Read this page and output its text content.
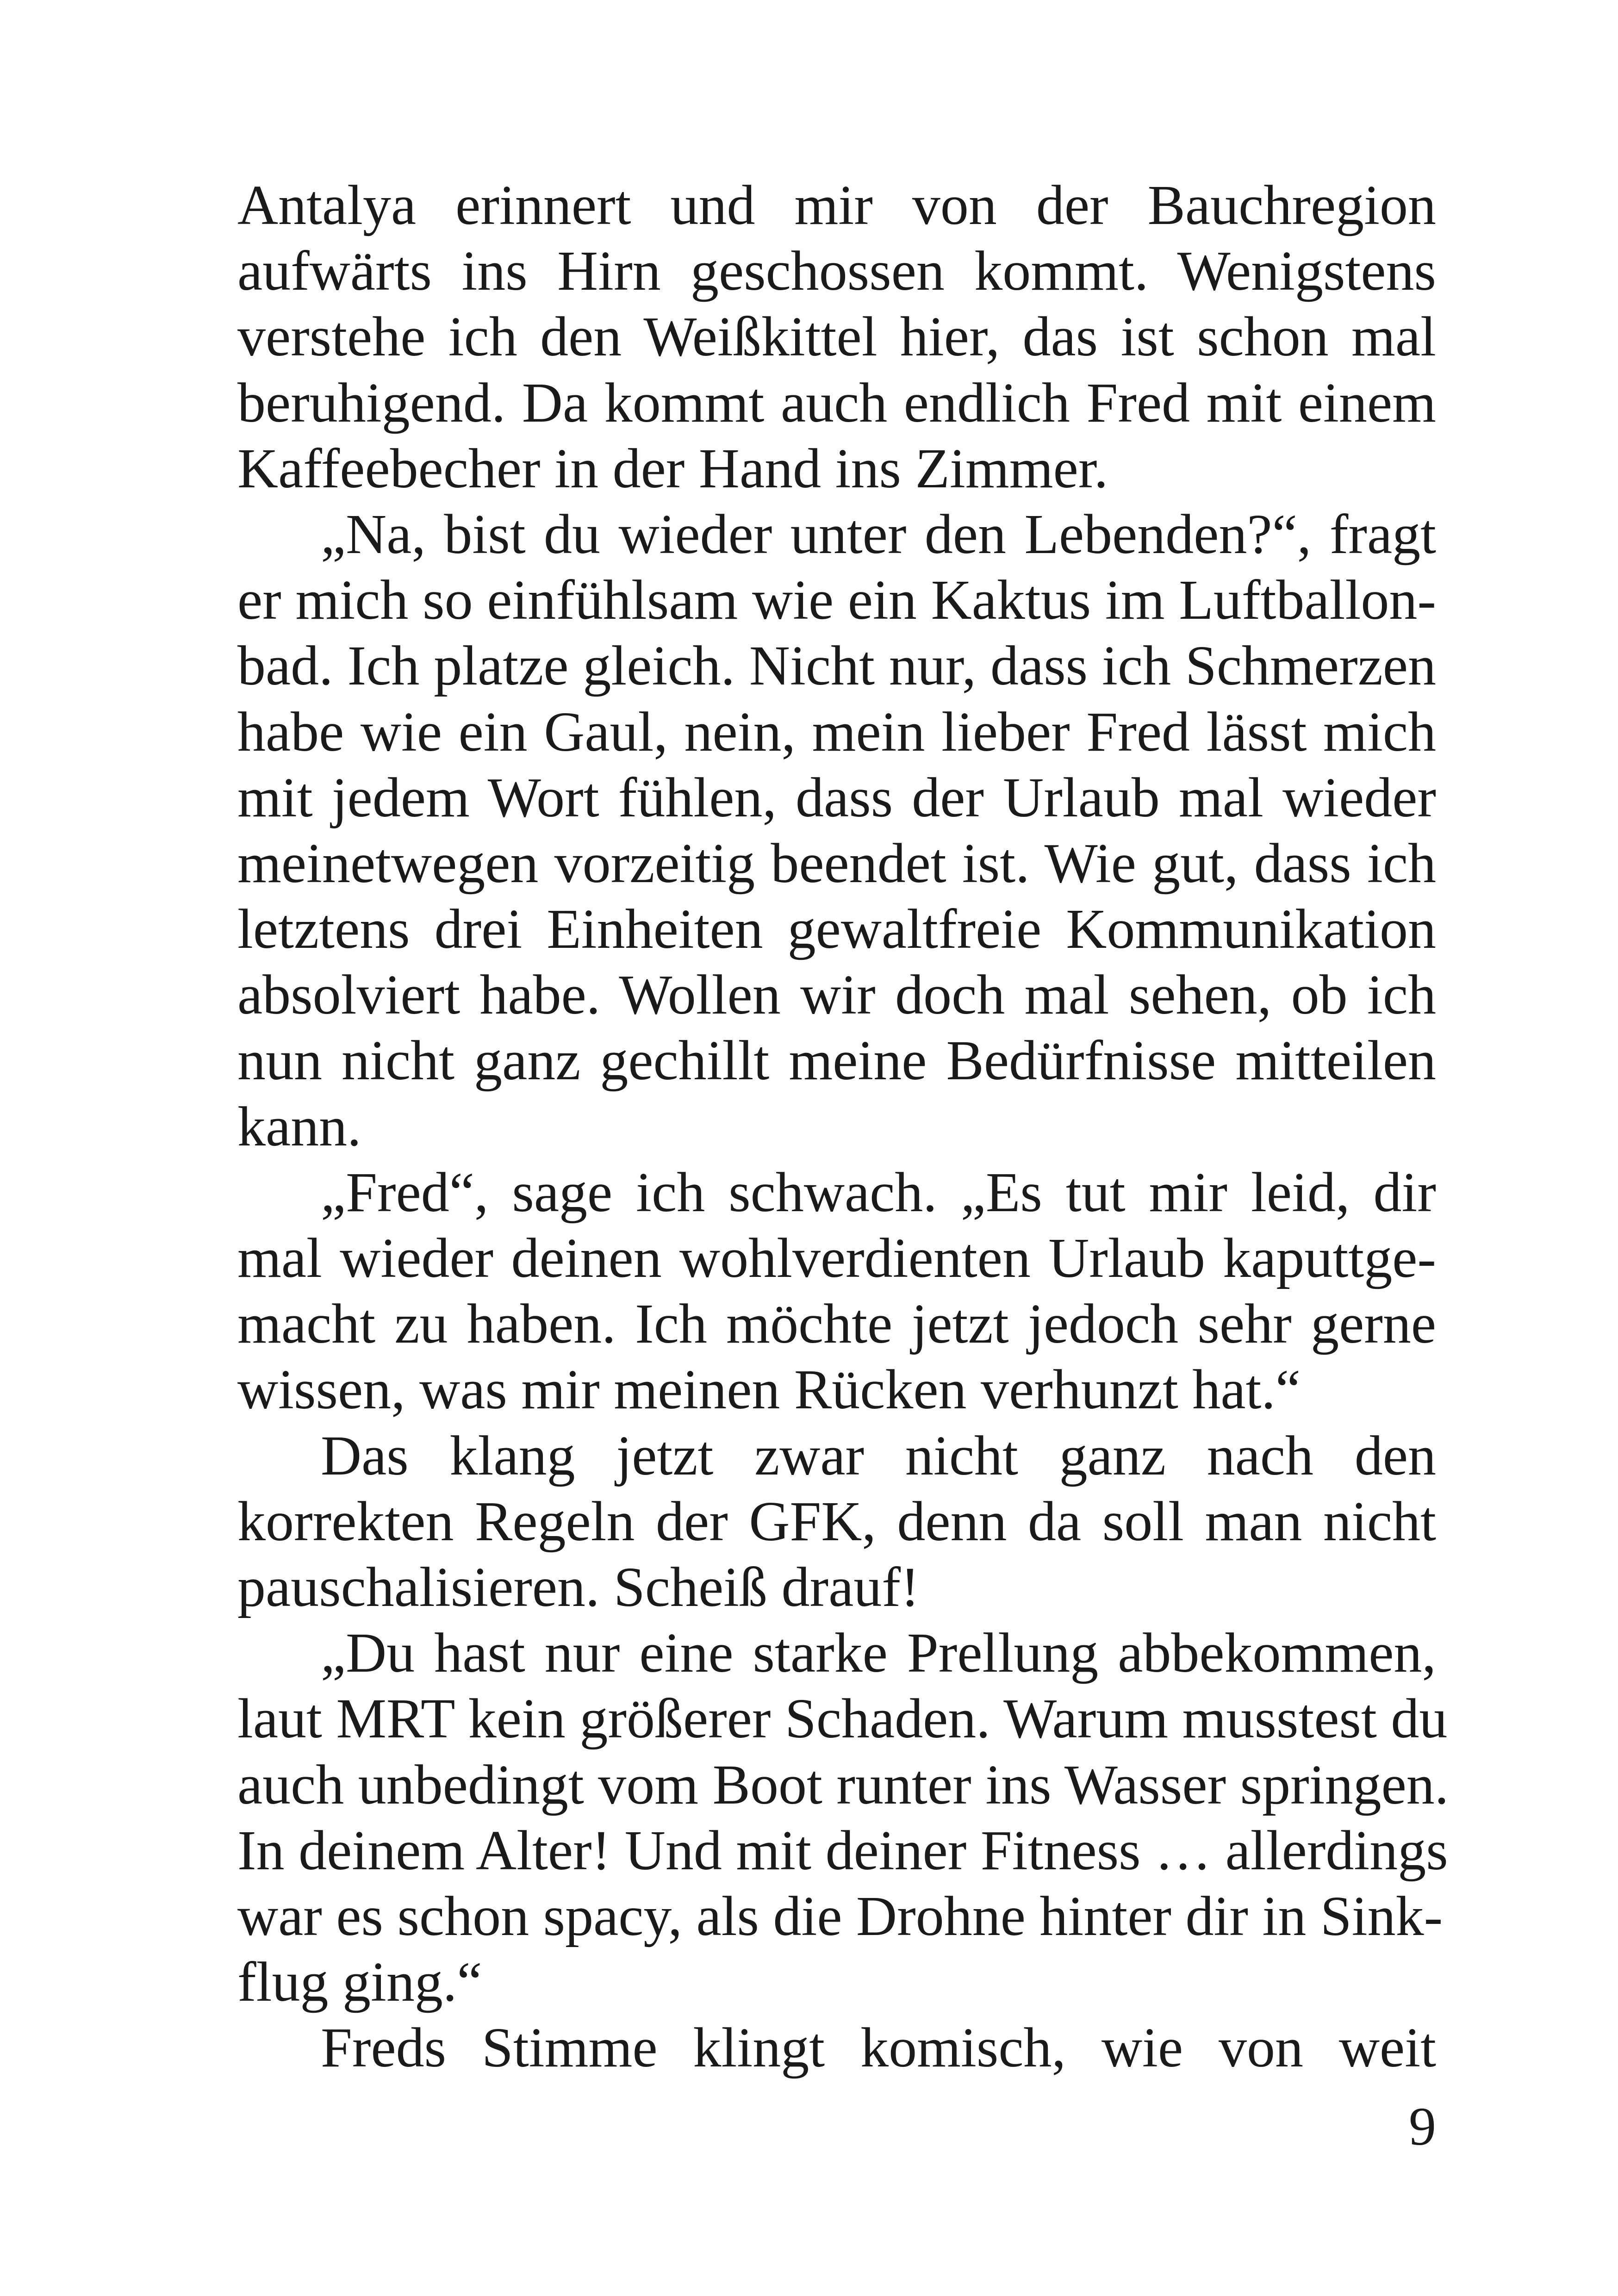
Antalya erinnert und mir von der Bauchregion
aufwärts ins Hirn geschossen kommt. Wenigstens
verstehe ich den Weißkittel hier, das ist schon mal
beruhigend. Da kommt auch endlich Fred mit einem
Kaffeebecher in der Hand ins Zimmer.
„Na, bist du wieder unter den Lebenden?“, fragt
er mich so einfühlsam wie ein Kaktus im Luftballon-
bad. Ich platze gleich. Nicht nur, dass ich Schmerzen
habe wie ein Gaul, nein, mein lieber Fred lässt mich
mit jedem Wort fühlen, dass der Urlaub mal wieder
meinetwegen vorzeitig beendet ist. Wie gut, dass ich
letztens drei Einheiten gewaltfreie Kommunikation
absolviert habe. Wollen wir doch mal sehen, ob ich
nun nicht ganz gechillt meine Bedürfnisse mitteilen
kann.
„Fred“, sage ich schwach. „Es tut mir leid, dir
mal wieder deinen wohlverdienten Urlaub kaputtge-
macht zu haben. Ich möchte jetzt jedoch sehr gerne
wissen, was mir meinen Rücken verhunzt hat.“
Das klang jetzt zwar nicht ganz nach den
korrekten Regeln der GFK, denn da soll man nicht
pauschalisieren. Scheiß drauf!
„Du hast nur eine starke Prellung abbekommen,
laut MRT kein größerer Schaden. Warum musstest du
auch unbedingt vom Boot runter ins Wasser springen.
In deinem Alter! Und mit deiner Fitness … allerdings
war es schon spacy, als die Drohne hinter dir in Sink-
flug ging.“
Freds Stimme klingt komisch, wie von weit
9
